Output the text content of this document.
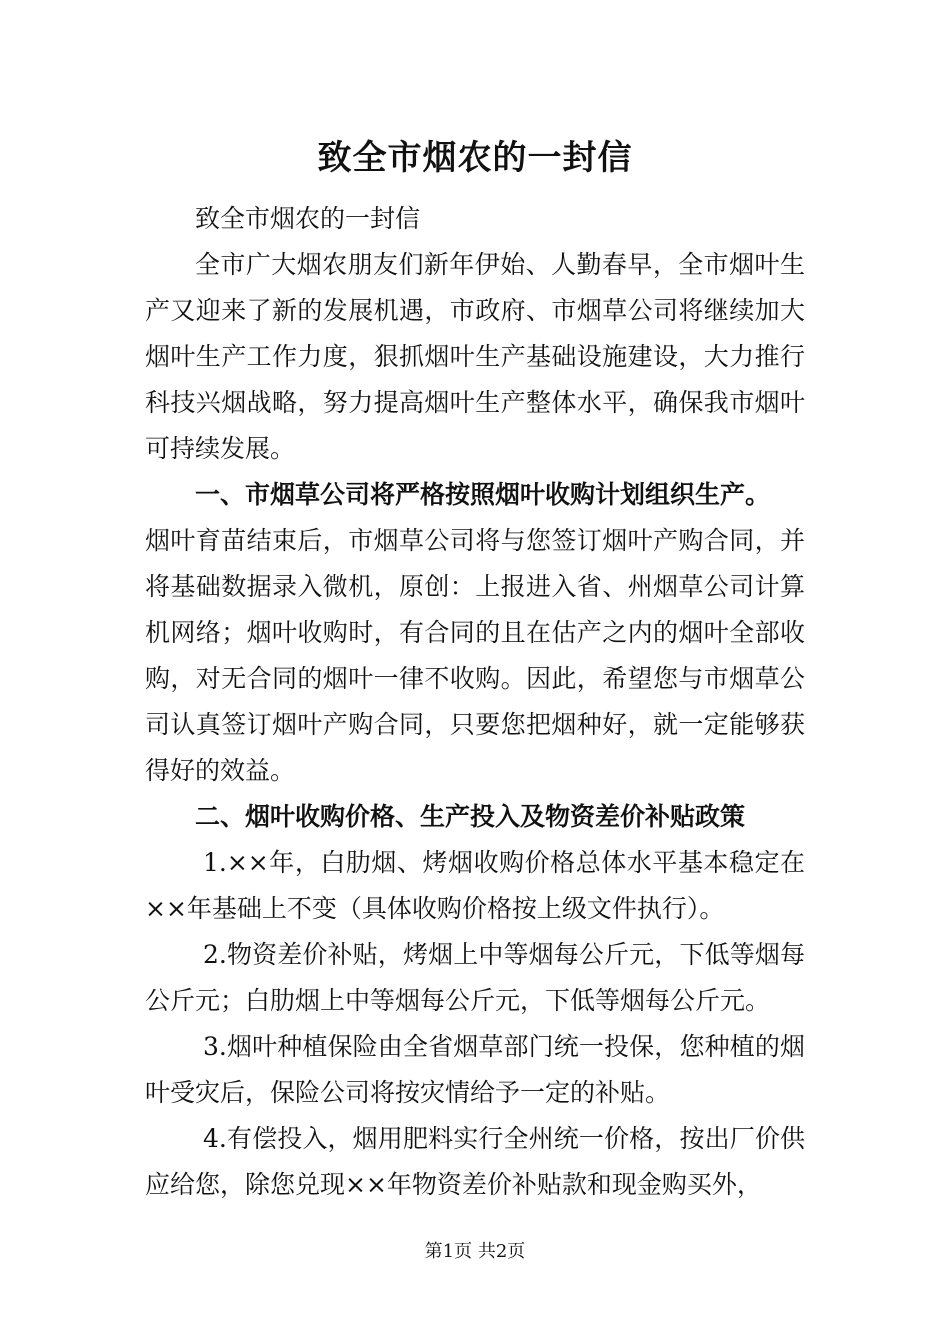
致全市烟农的一封信

致全市烟农的一封信

全市广大烟农朋友们新年伊始、人勤春早，全市烟叶生产又迎来了新的发展机遇，市政府、市烟草公司将继续加大烟叶生产工作力度，狠抓烟叶生产基础设施建设，大力推行科技兴烟战略，努力提高烟叶生产整体水平，确保我市烟叶可持续发展。

一、市烟草公司将严格按照烟叶收购计划组织生产。

烟叶育苗结束后，市烟草公司将与您签订烟叶产购合同，并将基础数据录入微机，原创：上报进入省、州烟草公司计算机网络；烟叶收购时，有合同的且在估产之内的烟叶全部收购，对无合同的烟叶一律不收购。因此，希望您与市烟草公司认真签订烟叶产购合同，只要您把烟种好，就一定能够获得好的效益。

二、烟叶收购价格、生产投入及物资差价补贴政策

1.××年，白肋烟、烤烟收购价格总体水平基本稳定在××年基础上不变（具体收购价格按上级文件执行）。

2.物资差价补贴，烤烟上中等烟每公斤元，下低等烟每公斤元；白肋烟上中等烟每公斤元，下低等烟每公斤元。

3.烟叶种植保险由全省烟草部门统一投保，您种植的烟叶受灾后，保险公司将按灾情给予一定的补贴。

4.有偿投入，烟用肥料实行全州统一价格，按出厂价供应给您，除您兑现××年物资差价补贴款和现金购买外，

第1页 共2页
